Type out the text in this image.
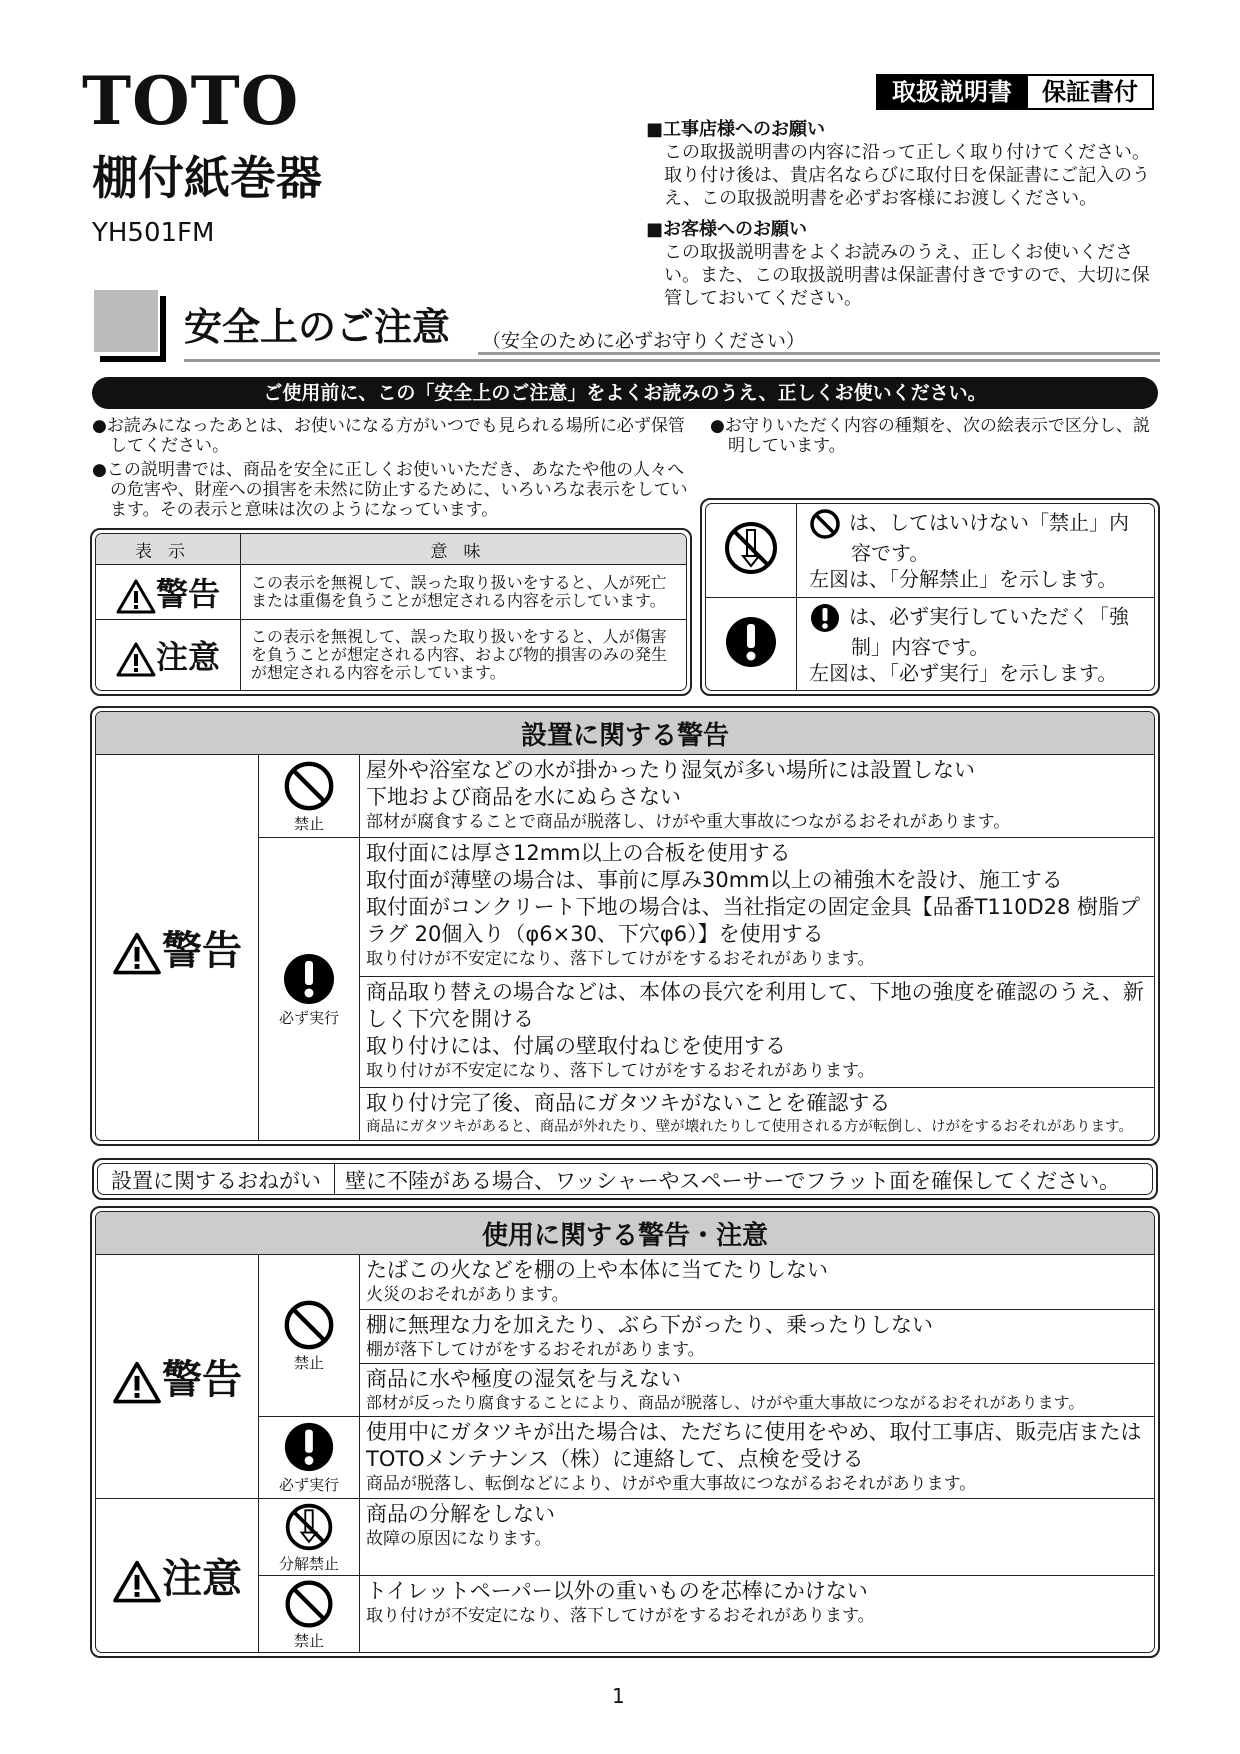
TOTO
棚付紙巻器
YH501FM
取扱説明書	保証書付
■工事店様へのお願い
この取扱説明書の内容に沿って正しく取り付けてください。取り付け後は、貴店名ならびに取付日を保証書にご記入のうえ、この取扱説明書を必ずお客様にお渡しください。
■お客様へのお願い
この取扱説明書をよくお読みのうえ、正しくお使いください。また、この取扱説明書は保証書付きですので、大切に保管しておいてください。
安全上のご注意 （安全のために必ずお守りください）
ご使用前に、この「安全上のご注意」をよくお読みのうえ、正しくお使いください。

●お読みになったあとは、お使いになる方がいつでも見られる場所に必ず保管してください。

●この説明書では、商品を安全に正しくお使いいただき、あなたや他の人々への危害や、財産への損害を未然に防止するために、いろいろな表示をしています。その表示と意味は次のようになっています。

●お守りいただく内容の種類を、次の絵表示で区分し、説明しています。

表示	意味
警告	この表示を無視して、誤った取り扱いをすると、人が死亡または重傷を負うことが想定される内容を示しています。
注意	この表示を無視して、誤った取り扱いをすると、人が傷害を負うことが想定される内容、および物的損害のみの発生が想定される内容を示しています。

は、してはいけない「禁止」内容です。
左図は、「分解禁止」を示します。

は、必ず実行していただく「強制」内容です。
左図は、「必ず実行」を示します。
設置に関する警告		
警告	禁止	屋外や浴室などの水が掛かったり湿気が多い場所には設置しない
下地および商品を水にぬらさない
部材が腐食することで商品が脱落し、けがや重大事故につながるおそれがあります。

	必ず実行	取付面には厚さ12mm以上の合板を使用する
取付面が薄壁の場合は、事前に厚み30mm以上の補強木を設け、施工する
取付面がコンクリート下地の場合は、当社指定の固定金具【品番T110D28 樹脂プラグ 20個入り（φ6×30、下穴φ6）】を使用する
取り付けが不安定になり、落下してけがをするおそれがあります。

		商品取り替えの場合などは、本体の長穴を利用して、下地の強度を確認のうえ、新しく下穴を開ける
取り付けには、付属の壁取付ねじを使用する
取り付けが不安定になり、落下してけがをするおそれがあります。

		取り付け完了後、商品にガタツキがないことを確認する
商品にガタツキがあると、商品が外れたり、壁が壊れたりして使用される方が転倒し、けがをするおそれがあります。
設置に関するおねがい	壁に不陸がある場合、ワッシャーやスペーサーでフラット面を確保してください。
使用に関する警告・注意		
警告	禁止	たばこの火などを棚の上や本体に当てたりしない
火災のおそれがあります。

		棚に無理な力を加えたり、ぶら下がったり、乗ったりしない
棚が落下してけがをするおそれがあります。

		商品に水や極度の湿気を与えない
部材が反ったり腐食することにより、商品が脱落し、けがや重大事故につながるおそれがあります。

	必ず実行	使用中にガタツキが出た場合は、ただちに使用をやめ、取付工事店、販売店またはTOTOメンテナンス（株）に連絡して、点検を受ける
商品が脱落し、転倒などにより、けがや重大事故につながるおそれがあります。

注意	分解禁止	商品の分解をしない
故障の原因になります。

	禁止	トイレットペーパー以外の重いものを芯棒にかけない
取り付けが不安定になり、落下してけがをするおそれがあります。
1
